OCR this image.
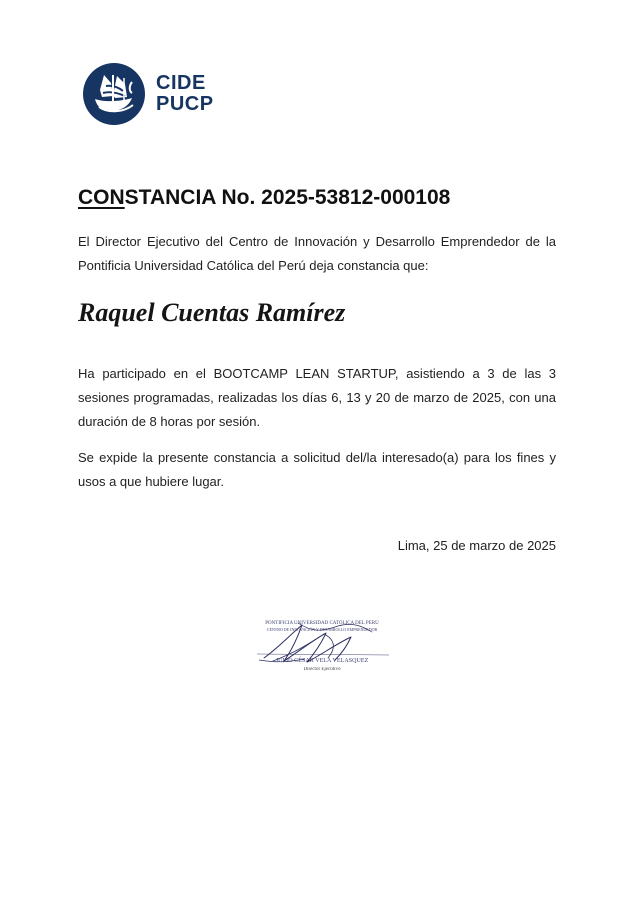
CIDE
PUCP
CONSTANCIA No. 2025-53812-000108

El Director Ejecutivo del Centro de Innovación y Desarrollo Emprendedor de la Pontificia Universidad Católica del Perú deja constancia que:

Raquel Cuentas Ramírez

Ha participado en el BOOTCAMP LEAN STARTUP, asistiendo a 3 de las 3 sesiones programadas, realizadas los días 6, 13 y 20 de marzo de 2025, con una duración de 8 horas por sesión.

Se expide la presente constancia a solicitud del/la interesado(a) para los fines y usos a que hubiere lugar.

Lima, 25 de marzo de 2025

PONTIFICIA UNIVERSIDAD CATÓLICA DEL PERÚ
CENTRO DE INNOVACIÓN Y DESARROLLO EMPRENDEDOR
JULIO CÉSAR VELA VELASQUEZ
Director Ejecutivo
